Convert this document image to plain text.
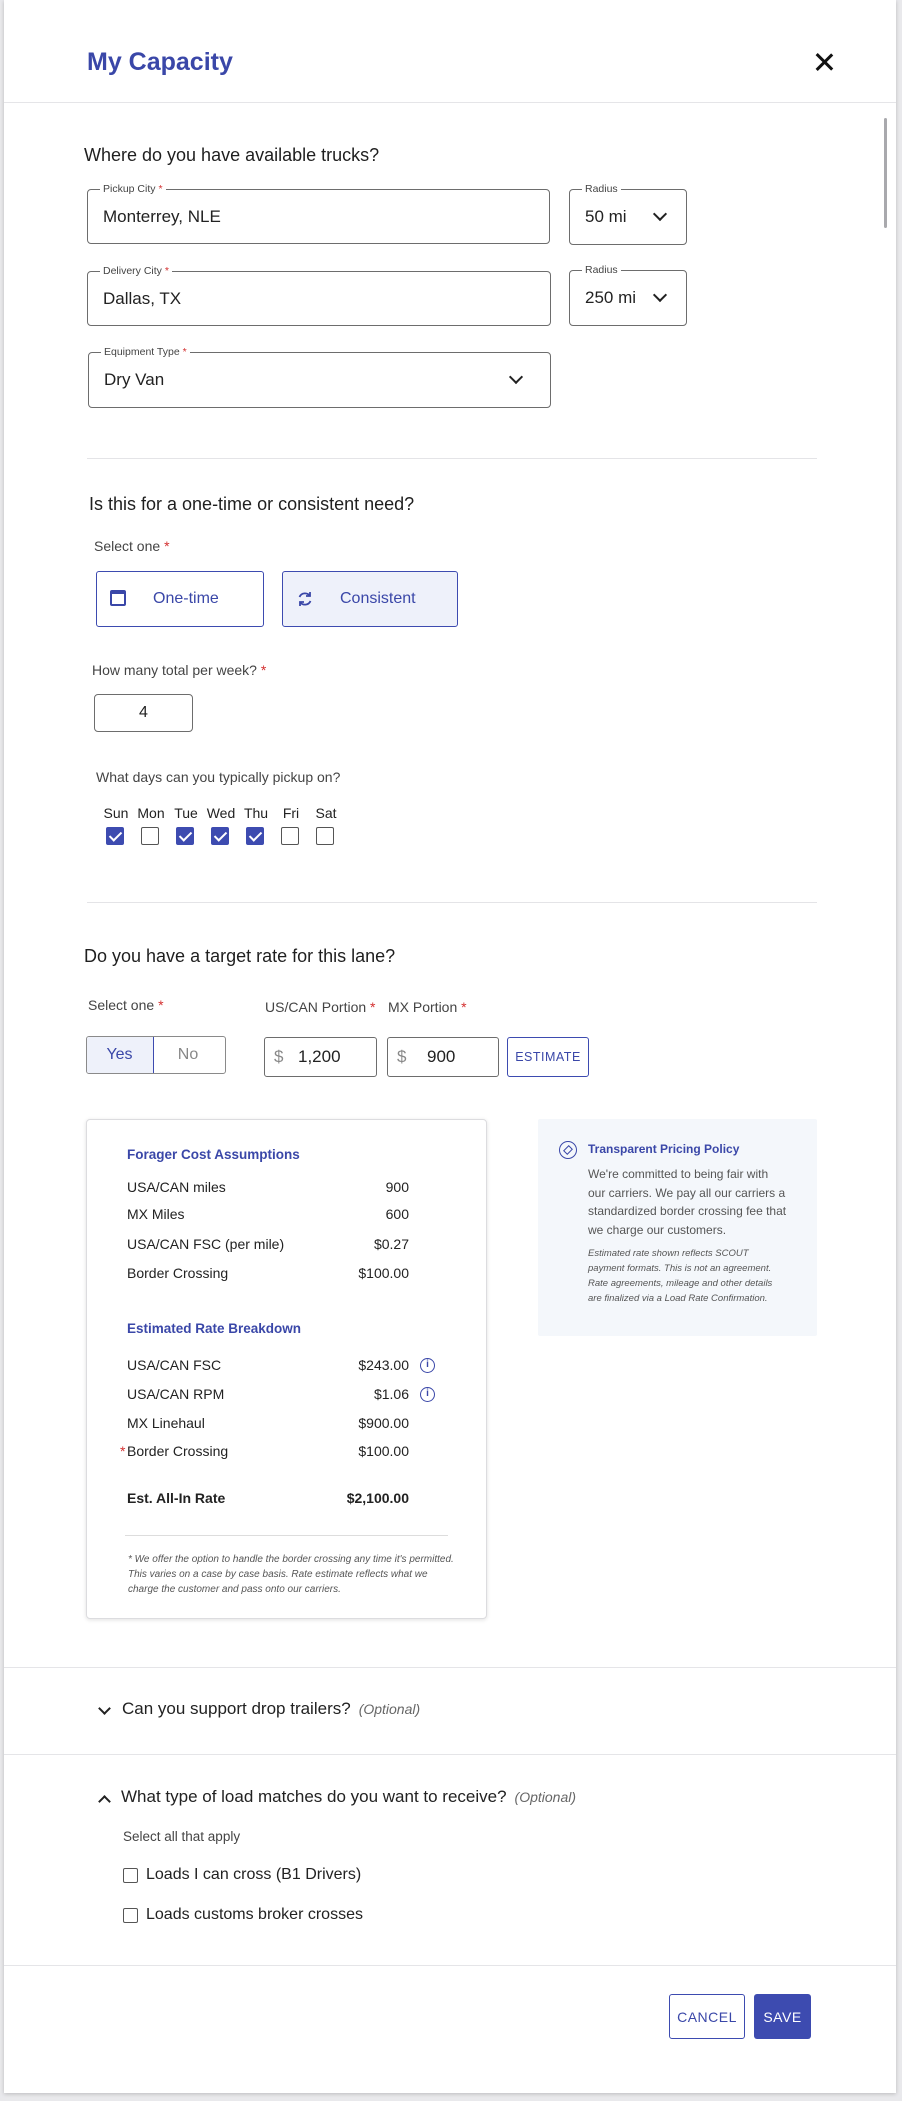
My Capacity
Where do you have available trucks?
Pickup City *
Monterrey, NLE
Radius
50 mi
Delivery City *
Dallas, TX
Radius
250 mi
Equipment Type *
Dry Van
Is this for a one-time or consistent need?
Select one *
One-time	Consistent
How many total per week? *
4
What days can you typically pickup on?
Do you have a target rate for this lane?
Select one *	US/CAN Portion * MX Portion *
Yes	No	$ 1,200	$	900	ESTIMATE
Forager Cost Assumptions
Estimated Rate Breakdown
Est. All-In Rate	$2,100.00
* We offer the option to handle the border crossing any time it's permitted.
This varies on a case by case basis. Rate estimate reflects what we
charge the customer and pass onto our carriers.
USA/CAN miles	900
MX Miles	600
USA/CAN FSC (per mile)	$0.27
Border Crossing	$100.00
USA/CAN FSC	$243.00	i
USA/CAN RPM	$1.06	i
MX Linehaul	$900.00
* Border Crossing	$100.00
Transparent Pricing Policy
We're committed to being fair with
our carriers. We pay all our carriers a
standardized border crossing fee that
we charge our customers.
Estimated rate shown reflects SCOUT
payment formats. This is not an agreement.
Rate agreements, mileage and other details
are finalized via a Load Rate Confirmation.
Can you support drop trailers? (Optional)
What type of load matches do you want to receive? (Optional)
Select all that apply
CANCEL	SAVE
Sun Mon Tue Wed Thu	Fri	Sat
Loads I can cross (B1 Drivers)
Loads customs broker crosses
